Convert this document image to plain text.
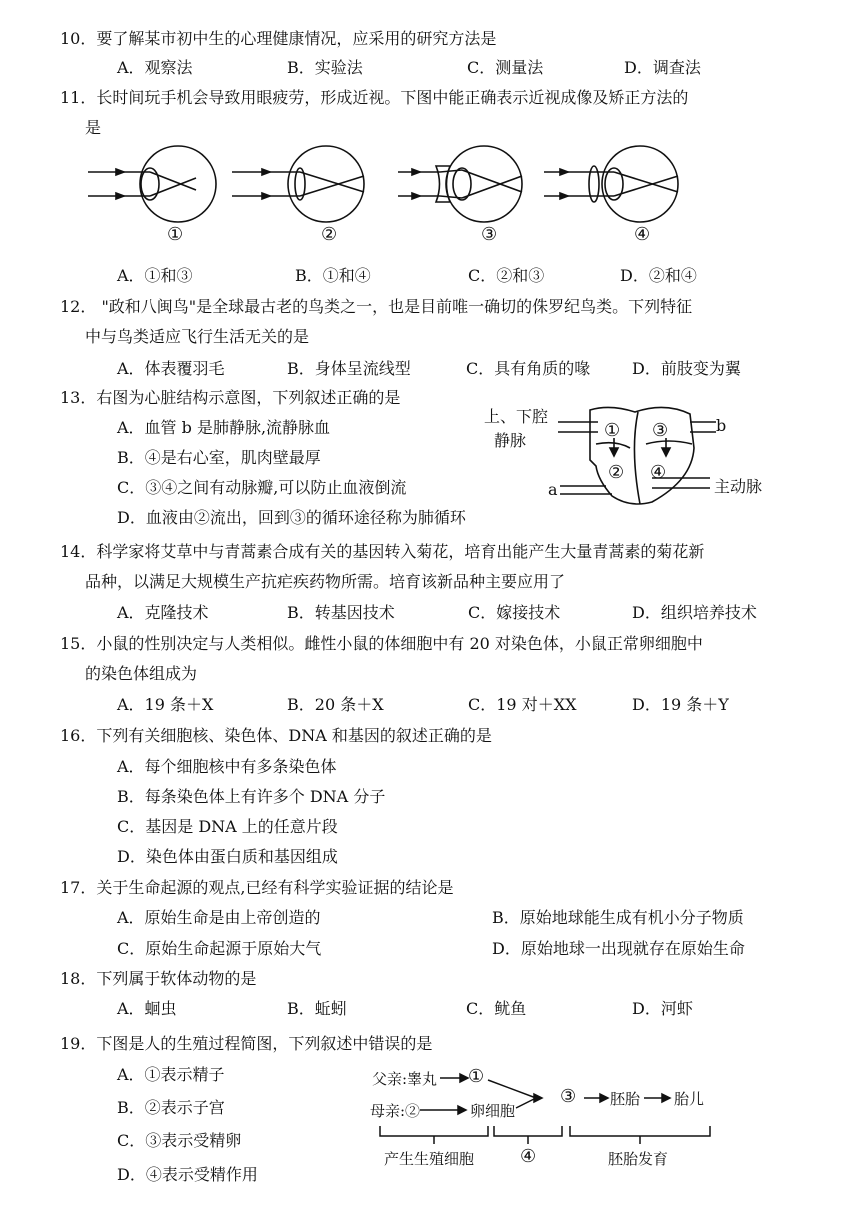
10．要了解某市初中生的心理健康情况，应采用的研究方法是
A．观察法	B．实验法	C．测量法	D．调查法
11．长时间玩手机会导致用眼疲劳，形成近视。下图中能正确表示近视成像及矫正方法的
是
①	②	③	④
A．①和③	B．①和④	C．②和③	D．②和④
12． "政和八闽鸟"是全球最古老的鸟类之一，也是目前唯一确切的侏罗纪鸟类。下列特征
中与鸟类适应飞行生活无关的是
A．体表覆羽毛	B．身体呈流线型	C．具有角质的喙	D．前肢变为翼
13．右图为心脏结构示意图，下列叙述正确的是
A．血管 b 是肺静脉,流静脉血
B．④是右心室，肌肉壁最厚
C．③④之间有动脉瓣,可以防止血液倒流
D．血液由②流出，回到③的循环途径称为肺循环
上、下腔
静脉	① ③
② ④
b
a	主动脉
14．科学家将艾草中与青蒿素合成有关的基因转入菊花，培育出能产生大量青蒿素的菊花新
品种，以满足大规模生产抗疟疾药物所需。培育该新品种主要应用了
A．克隆技术	B．转基因技术	C．嫁接技术	D．组织培养技术
15．小鼠的性别决定与人类相似。雌性小鼠的体细胞中有 20 对染色体，小鼠正常卵细胞中
的染色体组成为
A．19 条＋X	B．20 条＋X	C．19 对＋XX	D．19 条＋Y
16．下列有关细胞核、染色体、DNA 和基因的叙述正确的是
A．每个细胞核中有多条染色体
B．每条染色体上有许多个 DNA 分子
C．基因是 DNA 上的任意片段
D．染色体由蛋白质和基因组成
17．关于生命起源的观点,已经有科学实验证据的结论是
A．原始生命是由上帝创造的	B．原始地球能生成有机小分子物质
C．原始生命起源于原始大气	D．原始地球一出现就存在原始生命
18．下列属于软体动物的是
A．蛔虫	B．蚯蚓	C．鱿鱼	D．河虾
19．下图是人的生殖过程简图，下列叙述中错误的是
A．①表示精子
B．②表示子宫
C．③表示受精卵
D．④表示受精作用
父亲:睾丸 ①
母亲:②	卵细胞
③ 胚胎 胎儿
产生生殖细胞	④	胚胎发育
